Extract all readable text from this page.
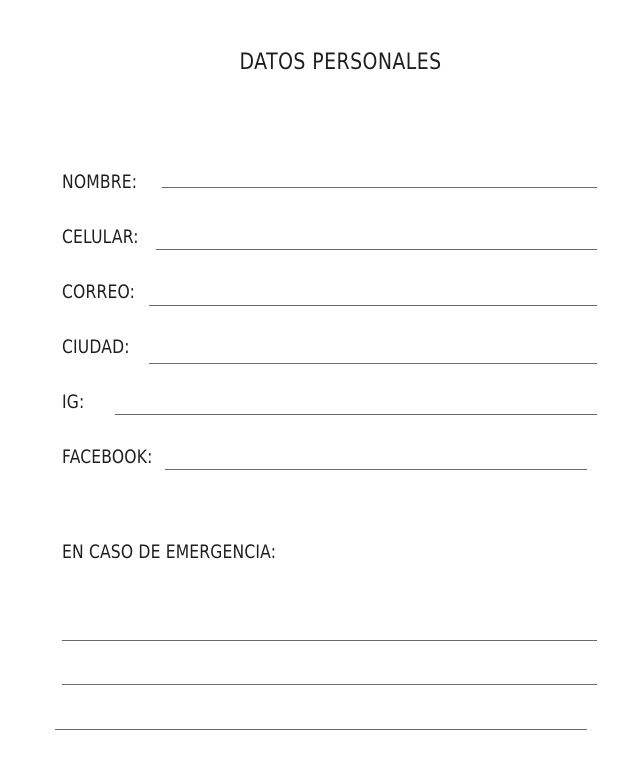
DATOS PERSONALES
NOMBRE:
CELULAR:
CORREO:
CIUDAD:
IG:
FACEBOOK:
EN CASO DE EMERGENCIA:
